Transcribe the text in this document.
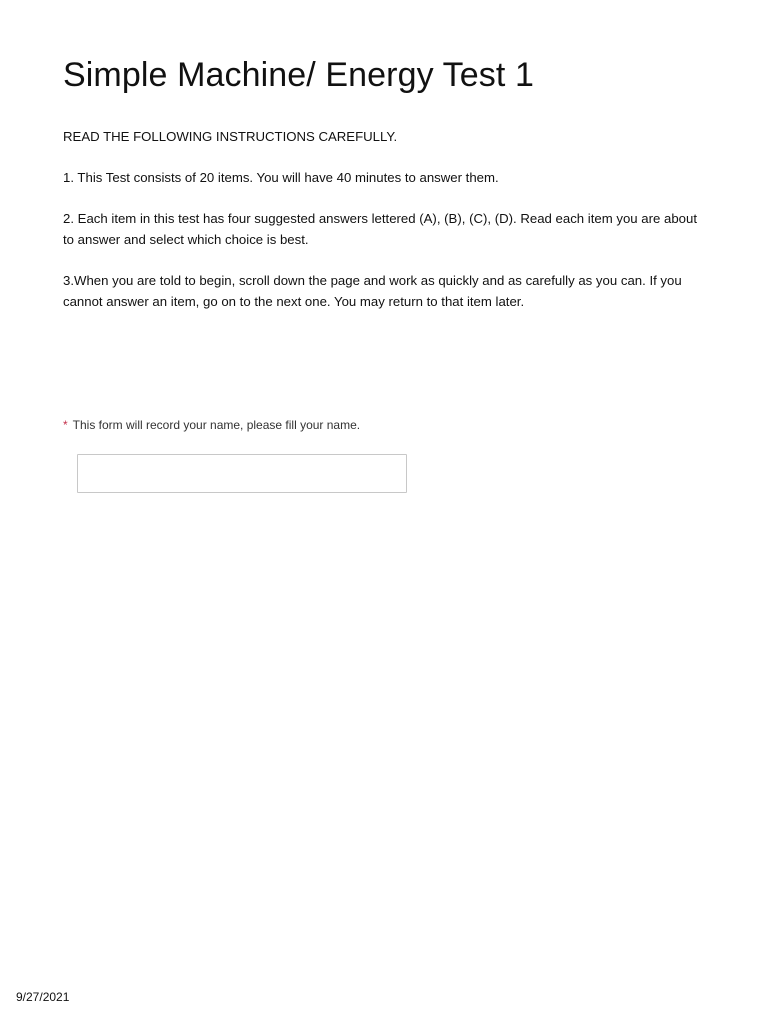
Simple Machine/ Energy Test 1

READ THE FOLLOWING INSTRUCTIONS CAREFULLY.

1. This Test consists of 20 items. You will have 40 minutes to answer them.

2. Each item in this test has four suggested answers lettered (A), (B), (C), (D). Read each item you are about to answer and select which choice is best.

3.When you are told to begin, scroll down the page and work as quickly and as carefully as you can. If you cannot answer an item, go on to the next one. You may return to that item later.

* This form will record your name, please fill your name.
9/27/2021
